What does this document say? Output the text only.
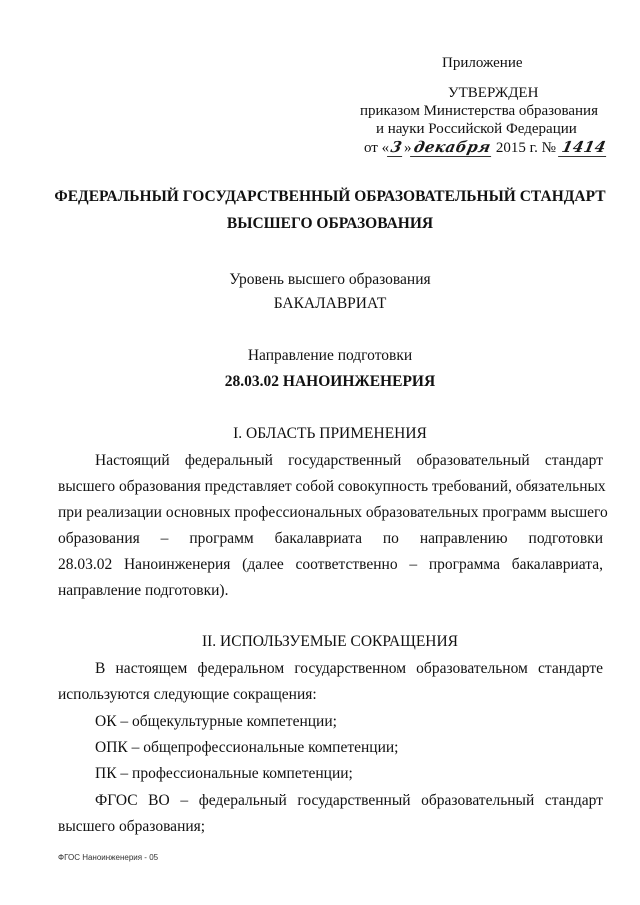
Приложение
УТВЕРЖДЕН
приказом Министерства образования
и науки Российской Федерации
от «3»декабря 2015 г. № 1414
ФЕДЕРАЛЬНЫЙ ГОСУДАРСТВЕННЫЙ ОБРАЗОВАТЕЛЬНЫЙ СТАНДАРТ
ВЫСШЕГО ОБРАЗОВАНИЯ
Уровень высшего образования
БАКАЛАВРИАТ
Направление подготовки
28.03.02 НАНОИНЖЕНЕРИЯ
I. ОБЛАСТЬ ПРИМЕНЕНИЯ
Настоящий федеральный государственный образовательный стандарт
высшего образования представляет собой совокупность требований, обязательных
при реализации основных профессиональных образовательных программ высшего
образования – программ бакалавриата по направлению подготовки
28.03.02 Наноинженерия (далее соответственно – программа бакалавриата,
направление подготовки).
II. ИСПОЛЬЗУЕМЫЕ СОКРАЩЕНИЯ
В настоящем федеральном государственном образовательном стандарте
используются следующие сокращения:
ОК – общекультурные компетенции;
ОПК – общепрофессиональные компетенции;
ПК – профессиональные компетенции;
ФГОС ВО – федеральный государственный образовательный стандарт
высшего образования;
ФГОС Наноинженерия - 05
